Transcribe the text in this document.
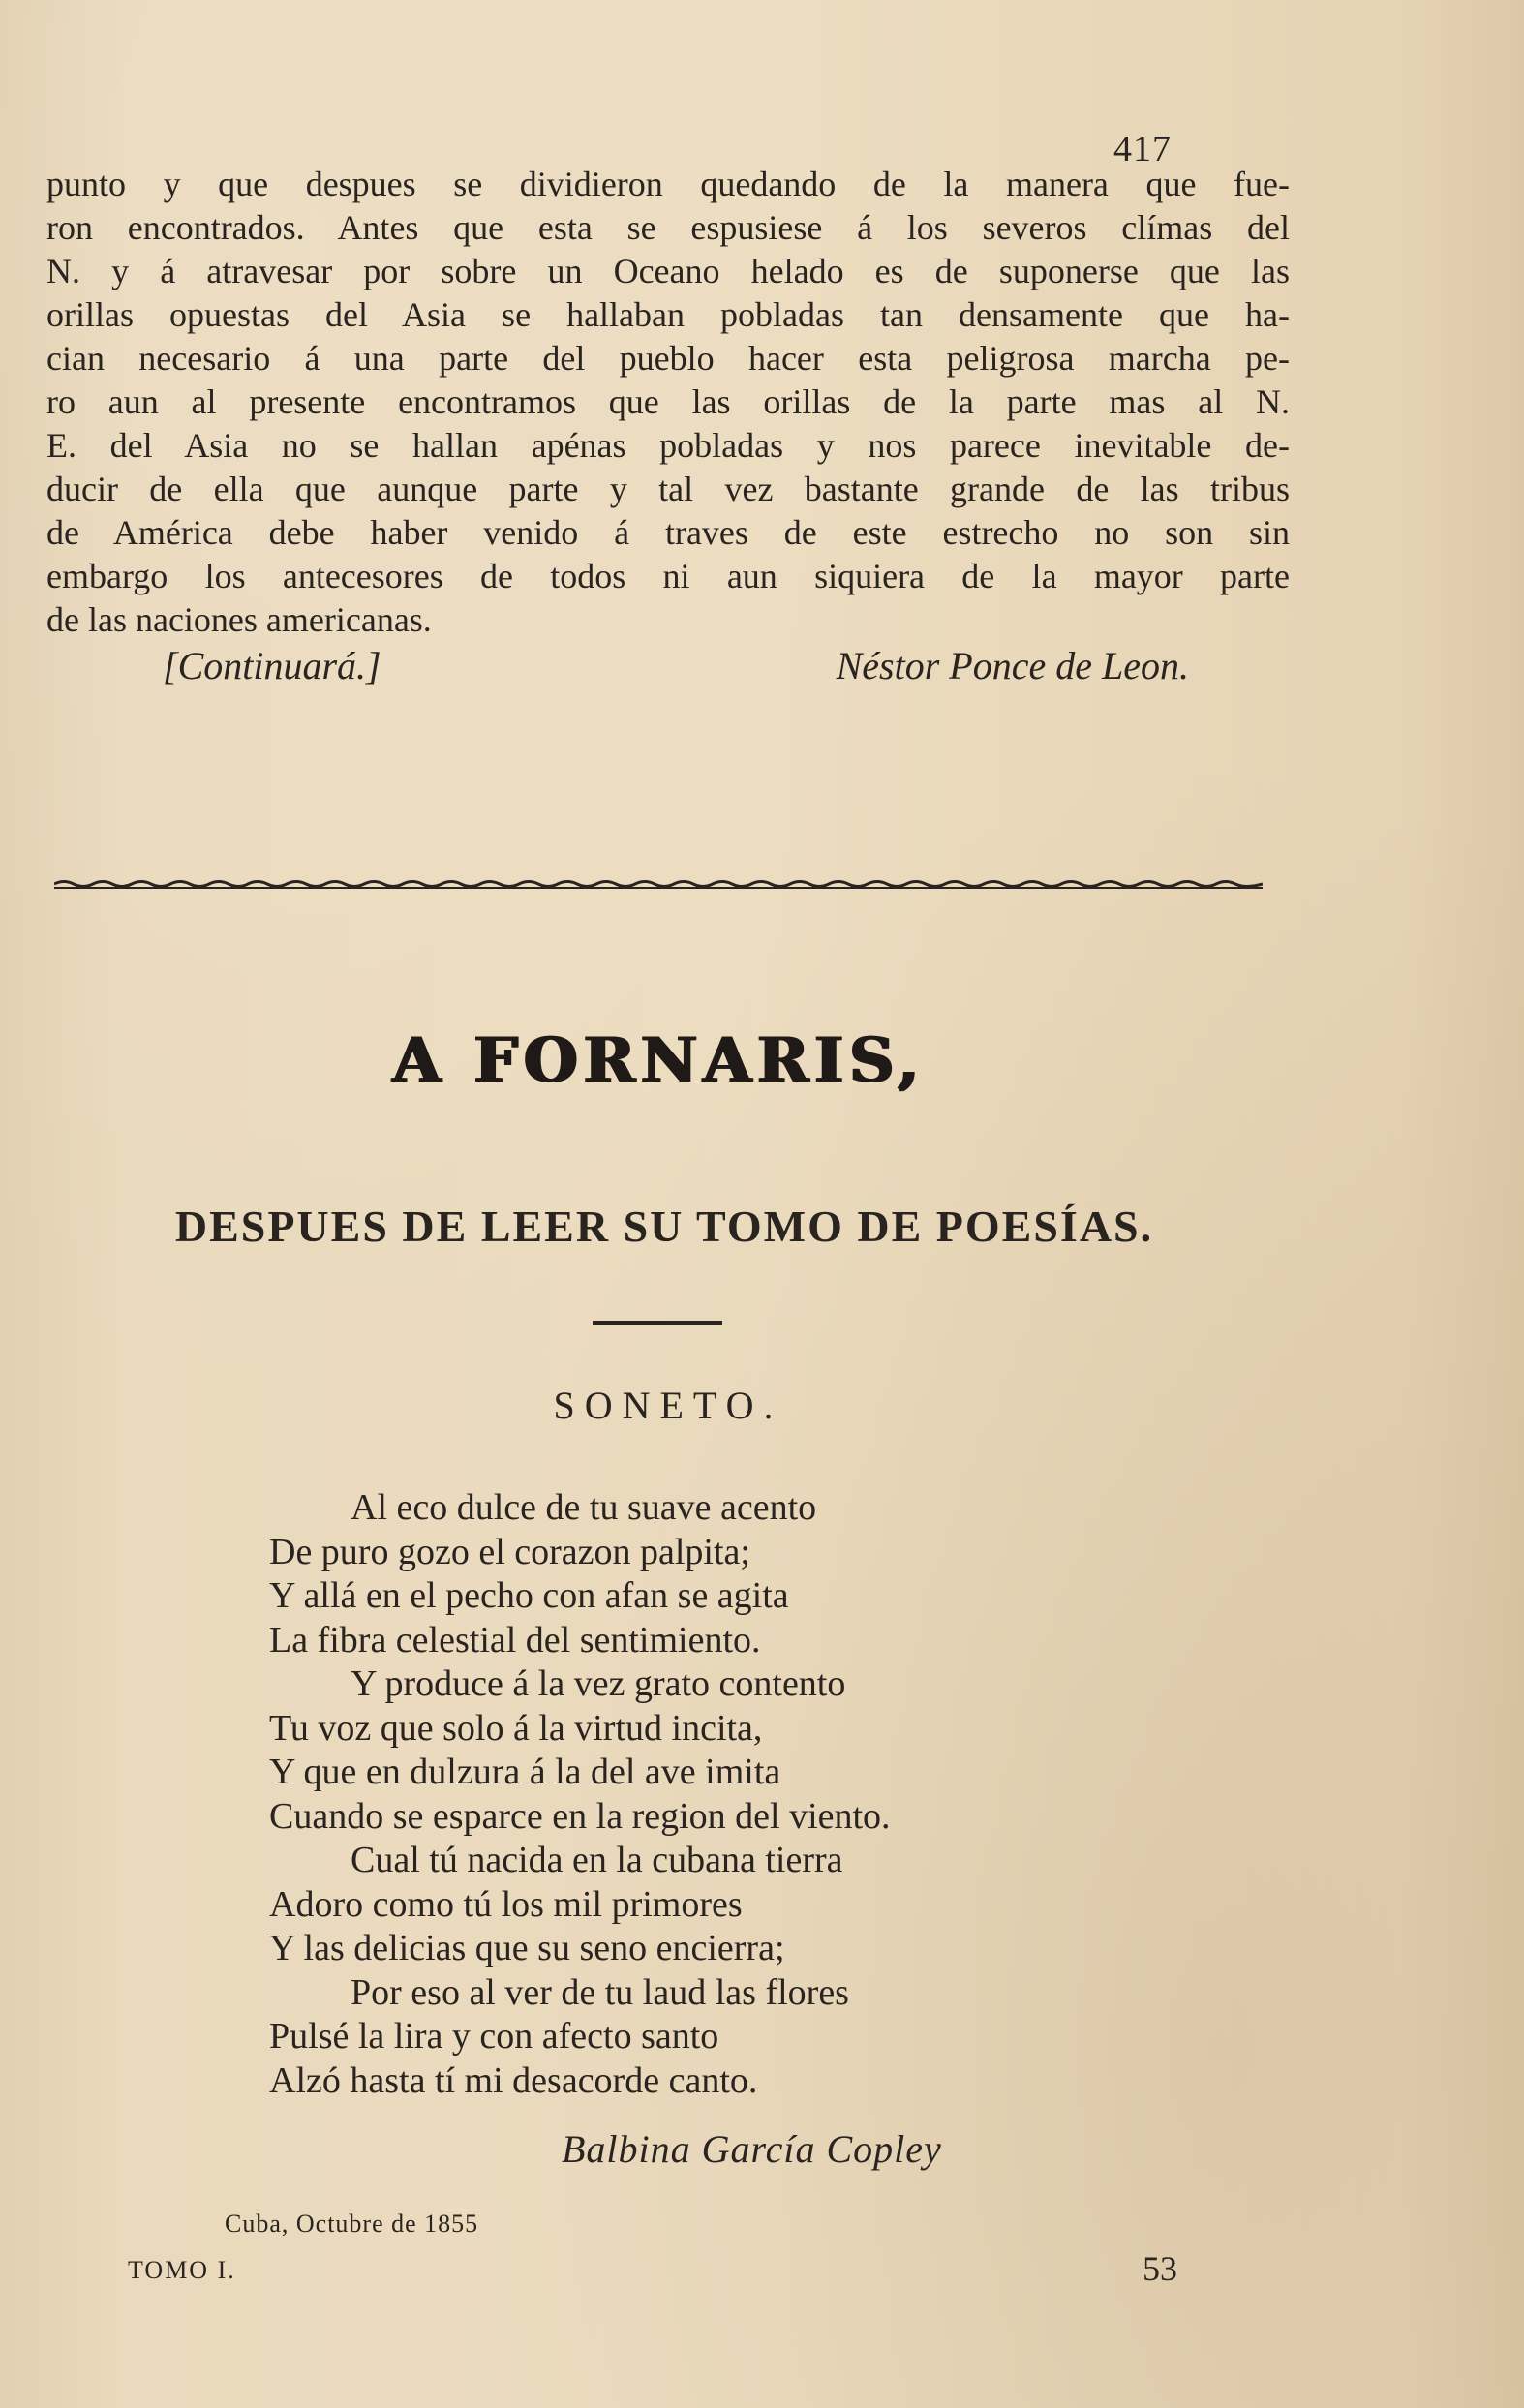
417
punto y que despues se dividieron quedando de la manera que fue-
ron encontrados. Antes que esta se espusiese á los severos clímas del
N. y á atravesar por sobre un Oceano helado es de suponerse que las
orillas opuestas del Asia se hallaban pobladas tan densamente que ha-
cian necesario á una parte del pueblo hacer esta peligrosa marcha pe-
ro aun al presente encontramos que las orillas de la parte mas al N.
E. del Asia no se hallan apénas pobladas y nos parece inevitable de-
ducir de ella que aunque parte y tal vez bastante grande de las tribus
de América debe haber venido á traves de este estrecho no son sin
embargo los antecesores de todos ni aun siquiera de la mayor parte
de las naciones americanas.
[Continuará.]	Néstor Ponce de Leon.
A FORNARIS,
DESPUES DE LEER SU TOMO DE POESÍAS.
SONETO.
Al eco dulce de tu suave acento
De puro gozo el corazon palpita;
Y allá en el pecho con afan se agita
La fibra celestial del sentimiento.
Y produce á la vez grato contento
Tu voz que solo á la virtud incita,
Y que en dulzura á la del ave imita
Cuando se esparce en la region del viento.
Cual tú nacida en la cubana tierra
Adoro como tú los mil primores
Y las delicias que su seno encierra;
Por eso al ver de tu laud las flores
Pulsé la lira y con afecto santo
Alzó hasta tí mi desacorde canto.
Balbina García Copley
Cuba, Octubre de 1855
TOMO I.	53
